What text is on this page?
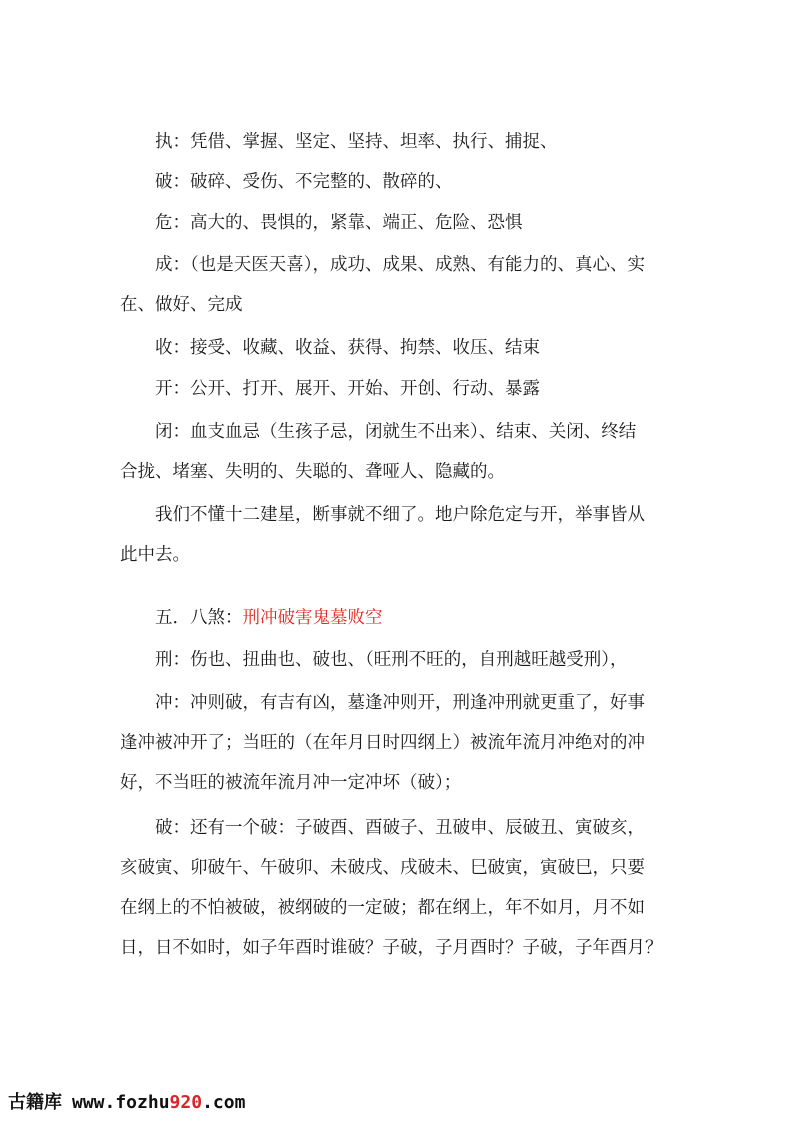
执：凭借、掌握、坚定、坚持、坦率、执行、捕捉、
破：破碎、受伤、不完整的、散碎的、
危：高大的、畏惧的，紧靠、端正、危险、恐惧
成：（也是天医天喜），成功、成果、成熟、有能力的、真心、实
在、做好、完成
收：接受、收藏、收益、获得、拘禁、收压、结束
开：公开、打开、展开、开始、开创、行动、暴露
闭：血支血忌（生孩子忌，闭就生不出来）、结束、关闭、终结
合拢、堵塞、失明的、失聪的、聋哑人、隐藏的。
我们不懂十二建星，断事就不细了。地户除危定与开，举事皆从
此中去。
五．八煞：刑冲破害鬼墓败空
刑：伤也、扭曲也、破也、（旺刑不旺的，自刑越旺越受刑），
冲：冲则破，有吉有凶，墓逢冲则开，刑逢冲刑就更重了，好事
逢冲被冲开了；当旺的（在年月日时四纲上）被流年流月冲绝对的冲
好，不当旺的被流年流月冲一定冲坏（破）；
破：还有一个破：子破酉、酉破子、丑破申、辰破丑、寅破亥，
亥破寅、卯破午、午破卯、未破戌、戌破未、巳破寅，寅破巳，只要
在纲上的不怕被破，被纲破的一定破；都在纲上，年不如月，月不如
日，日不如时，如子年酉时谁破？子破，子月酉时？子破，子年酉月？
古籍库 www.fozhu920.com
